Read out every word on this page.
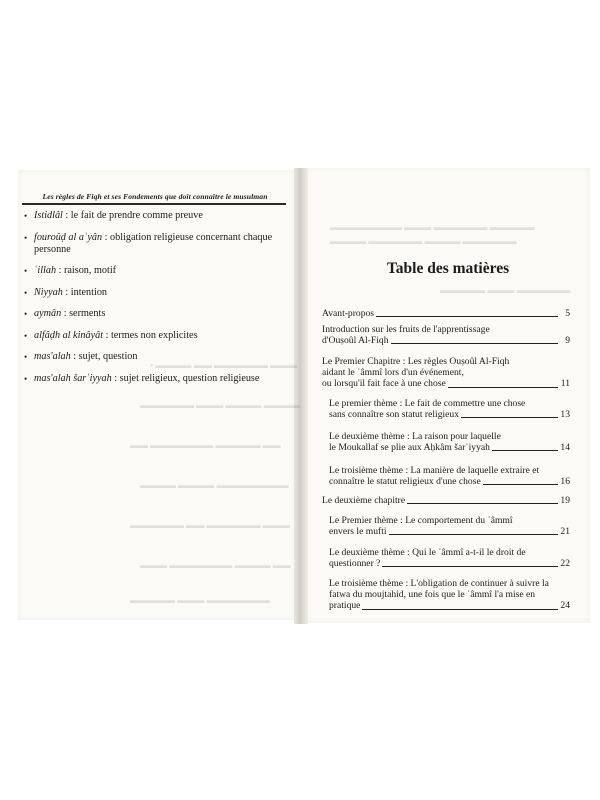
▪ ▬▬▬▬ ▬▬ ▬▬▬▬▬▬ ▬▬▬
▬▬▬▬▬▬ ▬▬▬ ▬▬▬▬ ▬▬▬▬
▬▬ ▬▬▬▬▬▬▬ ▬▬▬▬▬ ▬▬
▬▬▬▬ ▬▬▬▬ ▬▬▬▬▬▬▬▬
▬▬▬▬▬▬ ▬▬ ▬▬▬▬▬▬ ▬▬▬
▬▬▬ ▬▬▬▬▬▬▬ ▬▬▬▬ ▬▬
▬▬▬▬▬ ▬▬▬ ▬▬▬▬▬▬▬
▬▬▬▬▬▬▬▬ ▬▬▬ ▬▬▬▬▬▬ ▬▬▬▬▬
▬▬▬▬ ▬▬▬▬▬▬ ▬▬▬▬ ▬▬▬▬▬▬
▬▬▬▬▬ ▬▬▬ ▬▬▬▬▬▬
Les règles de Fiqh et ses Fondements que doit connaître le musulman
• Istidlâl : le fait de prendre comme preuve
• fouroûḍ al aʿyân : obligation religieuse concernant chaque personne
• ʿillah : raison, motif
• Niyyah : intention
• aymân : serments
• alfâḍh al kinâyât : termes non explicites
• mas'alah : sujet, question
• mas'alah šarʿiyyah : sujet religieux, question religieuse
Table des matières
Avant-propos	5
Introduction sur les fruits de l'apprentissage
d'Ouṣoûl Al-Fiqh	9
Le Premier Chapitre : Les règles Ouṣoûl Al-Fiqh
aidant le ʿâmmî lors d'un événement,
ou lorsqu'il fait face à une chose	11
Le premier thème : Le fait de commettre une chose
sans connaître son statut religieux	13
Le deuxième thème : La raison pour laquelle
le Moukallaf se plie aux Aḥkâm šarʿiyyah	14
Le troisième thème : La manière de laquelle extraire et
connaître le statut religieux d'une chose	16
Le deuxième chapitre	19
Le Premier thème : Le comportement du ʿâmmî
envers le mufti	21
Le deuxième thème : Qui le ʿâmmî a-t-il le droit de
questionner ?	22
Le troisième thème : L'obligation de continuer à suivre la
fatwa du moujtahid, une fois que le ʿâmmî l'a mise en
pratique	24
